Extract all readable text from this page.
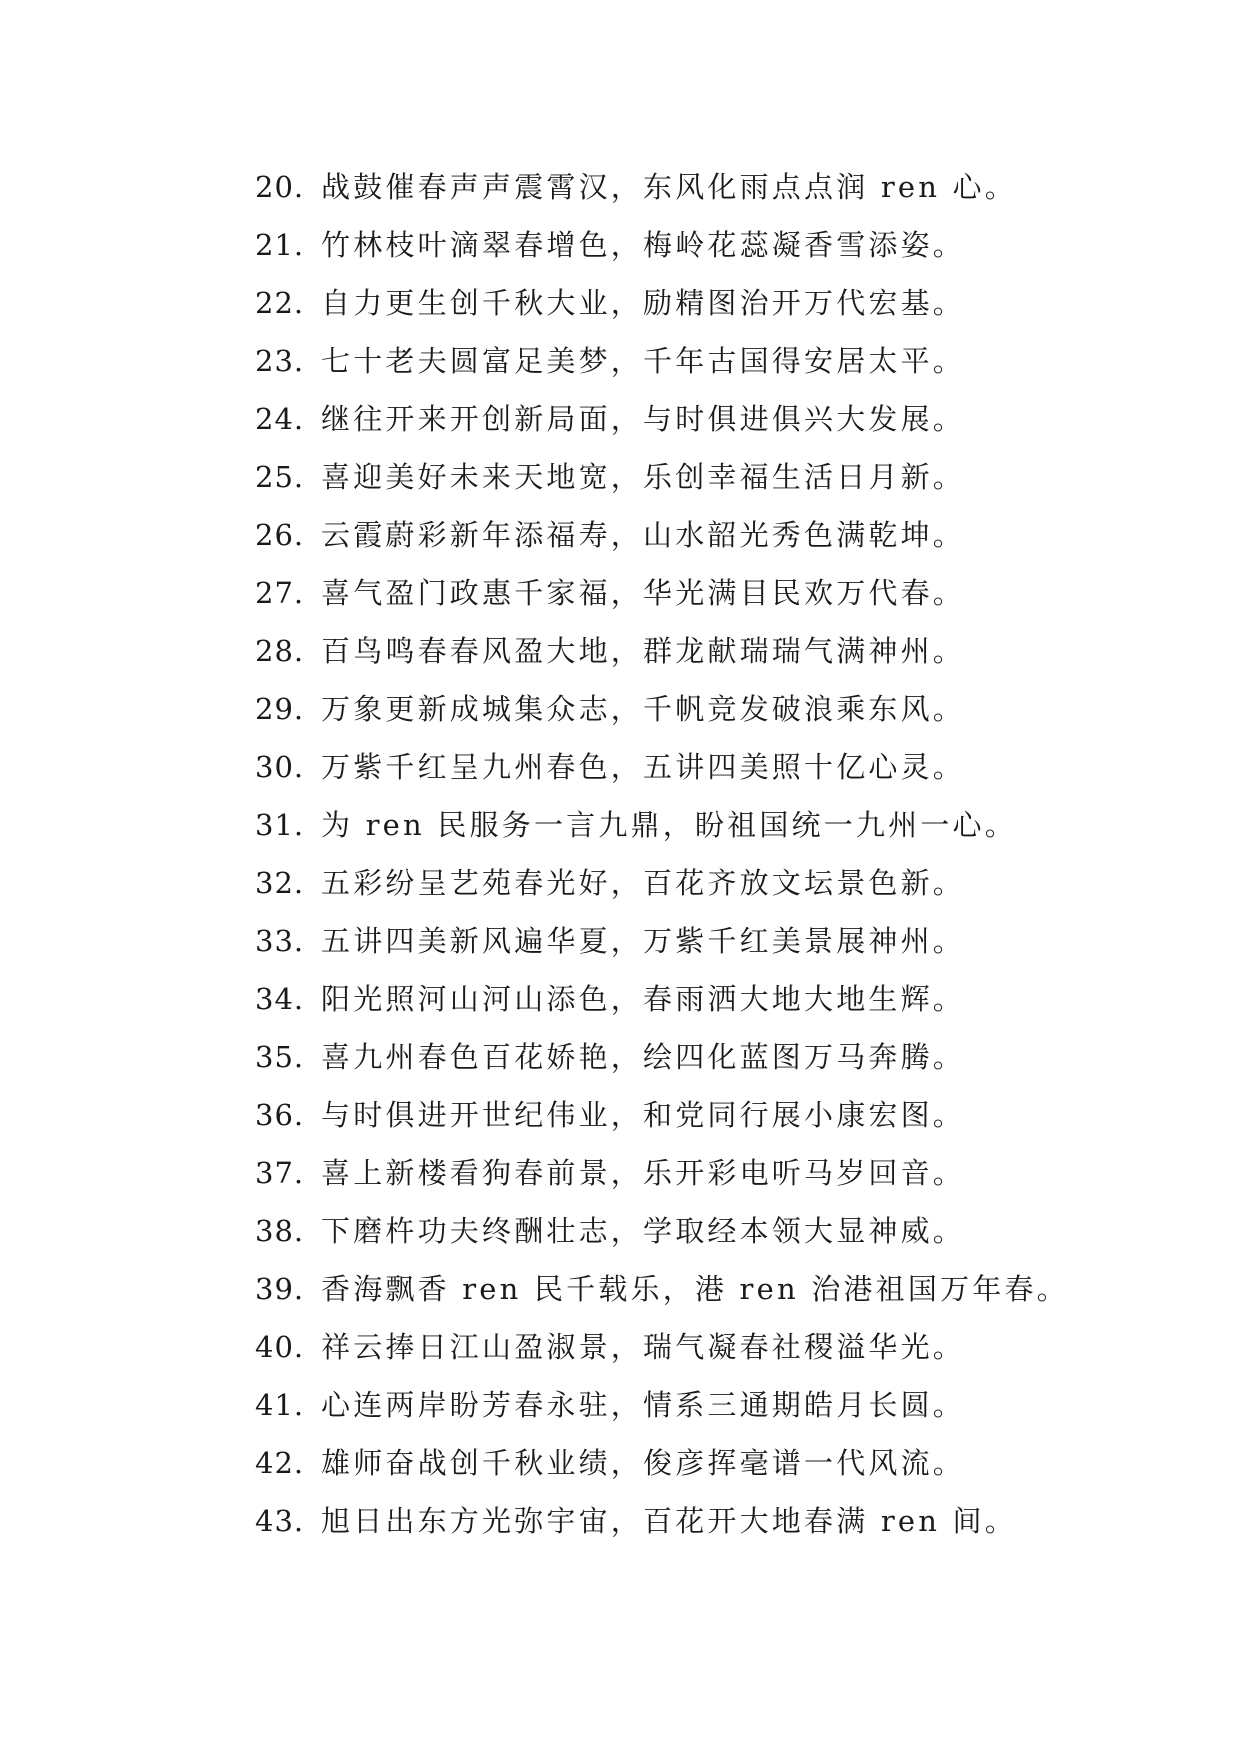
20. 战鼓催春声声震霄汉，东风化雨点点润 ren 心。
21. 竹林枝叶滴翠春增色，梅岭花蕊凝香雪添姿。
22. 自力更生创千秋大业，励精图治开万代宏基。
23. 七十老夫圆富足美梦，千年古国得安居太平。
24. 继往开来开创新局面，与时俱进俱兴大发展。
25. 喜迎美好未来天地宽，乐创幸福生活日月新。
26. 云霞蔚彩新年添福寿，山水韶光秀色满乾坤。
27. 喜气盈门政惠千家福，华光满目民欢万代春。
28. 百鸟鸣春春风盈大地，群龙献瑞瑞气满神州。
29. 万象更新成城集众志，千帆竞发破浪乘东风。
30. 万紫千红呈九州春色，五讲四美照十亿心灵。
31. 为 ren 民服务一言九鼎，盼祖国统一九州一心。
32. 五彩纷呈艺苑春光好，百花齐放文坛景色新。
33. 五讲四美新风遍华夏，万紫千红美景展神州。
34. 阳光照河山河山添色，春雨洒大地大地生辉。
35. 喜九州春色百花娇艳，绘四化蓝图万马奔腾。
36. 与时俱进开世纪伟业，和党同行展小康宏图。
37. 喜上新楼看狗春前景，乐开彩电听马岁回音。
38. 下磨杵功夫终酬壮志，学取经本领大显神威。
39. 香海飘香 ren 民千载乐，港 ren 治港祖国万年春。
40. 祥云捧日江山盈淑景，瑞气凝春社稷溢华光。
41. 心连两岸盼芳春永驻，情系三通期皓月长圆。
42. 雄师奋战创千秋业绩，俊彦挥毫谱一代风流。
43. 旭日出东方光弥宇宙，百花开大地春满 ren 间。
